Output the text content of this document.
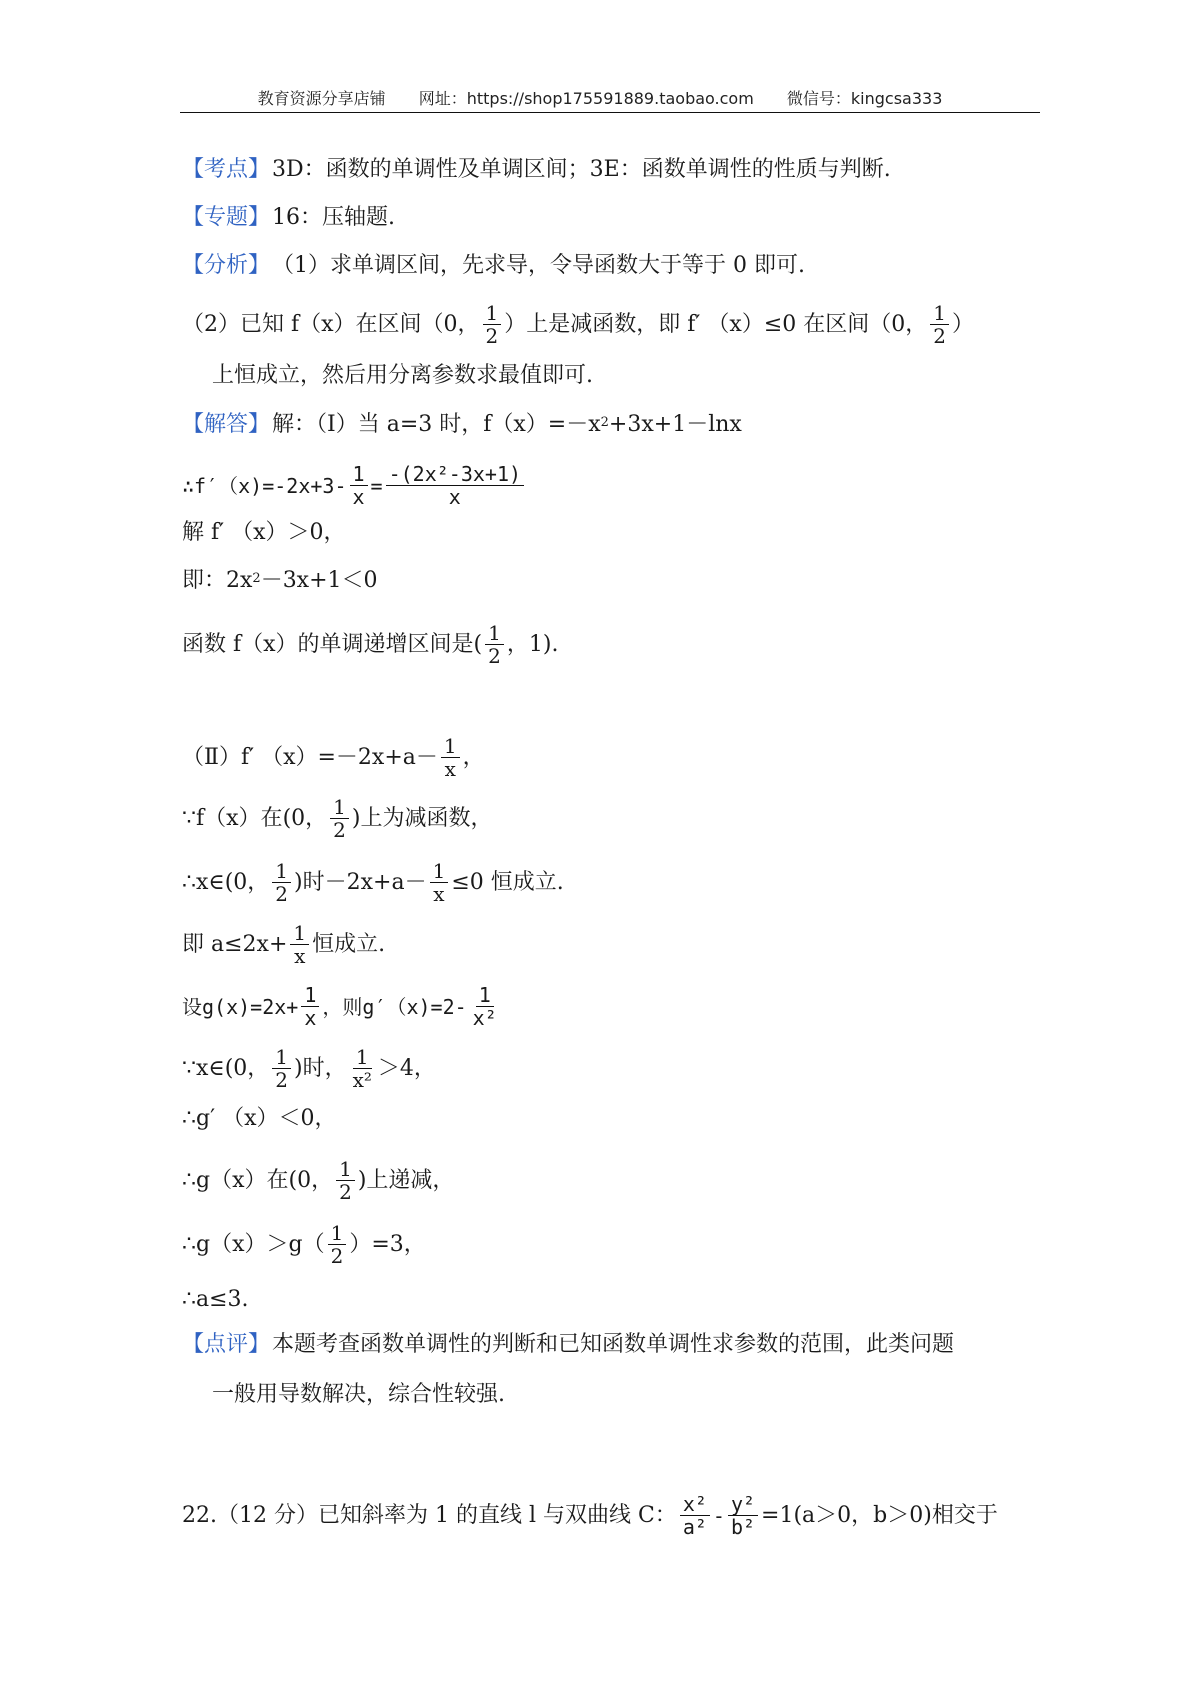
教育资源分享店铺 网址：https://shop175591889.taobao.com 微信号：kingcsa333
【考点】 3D：函数的单调性及单调区间；3E：函数单调性的性质与判断.
【专题】 16：压轴题.
【分析】 （1）求单调区间，先求导，令导函数大于等于 0 即可.
（2）已知 f（x）在区间（0， $\frac{1}{2}$ ）上是减函数，即 f′ （x）≤0 在区间（0， $\frac{1}{2}$ ）
上恒成立，然后用分离参数求最值即可.
【解答】 解：（Ⅰ）当 a=3 时，$f(x)=-x^2 +3x+1-\ln x$
∴f′（x)=-2x+3- $\frac{1}{x} = \frac{\text{-(2x²-3x+1)}}{x}$
解 f′ （x）＞0，
即：$2x^2 -3x+1<0$
函数 f（x）的单调递增区间是 ( $\frac{1}{2}$ ，1).
（Ⅱ）f′ $(x)=-2x+a- \frac{1}{x}$ ，
∵f（x）在 (0， $\frac{1}{2}$ )上为减函数，
∴x∈ (0， $\frac{1}{2}$ )时$-2x+a- \frac{1}{x} \le 0$ 恒成立.
即 $a\le 2x+ \frac{1}{x}$ 恒成立.
设$g(x)=2x+ \frac{1}{x}$ ，则$g'(x)=2- \frac{1}{\text{x²}}$
∵x∈ (0， $\frac{1}{2}$ )时， $\frac{1}{\text{x²}} >4$，
∴g′ （x）＜0，
∴g（x）在 (0， $\frac{1}{2}$ )上递减，
∴g（x）＞g（ $\frac{1}{2} )=3$，
∴a≤3.
【点评】 本题考查函数单调性的判断和已知函数单调性求参数的范围，此类问题
一般用导数解决，综合性较强.
22.（12 分）已知斜率为 1 的直线 l 与双曲线 C： $\frac{\text{x²}}{\text{a²}} - \frac{\text{y²}}{\text{b²}} =1(a>0$，b＞0)相交于
